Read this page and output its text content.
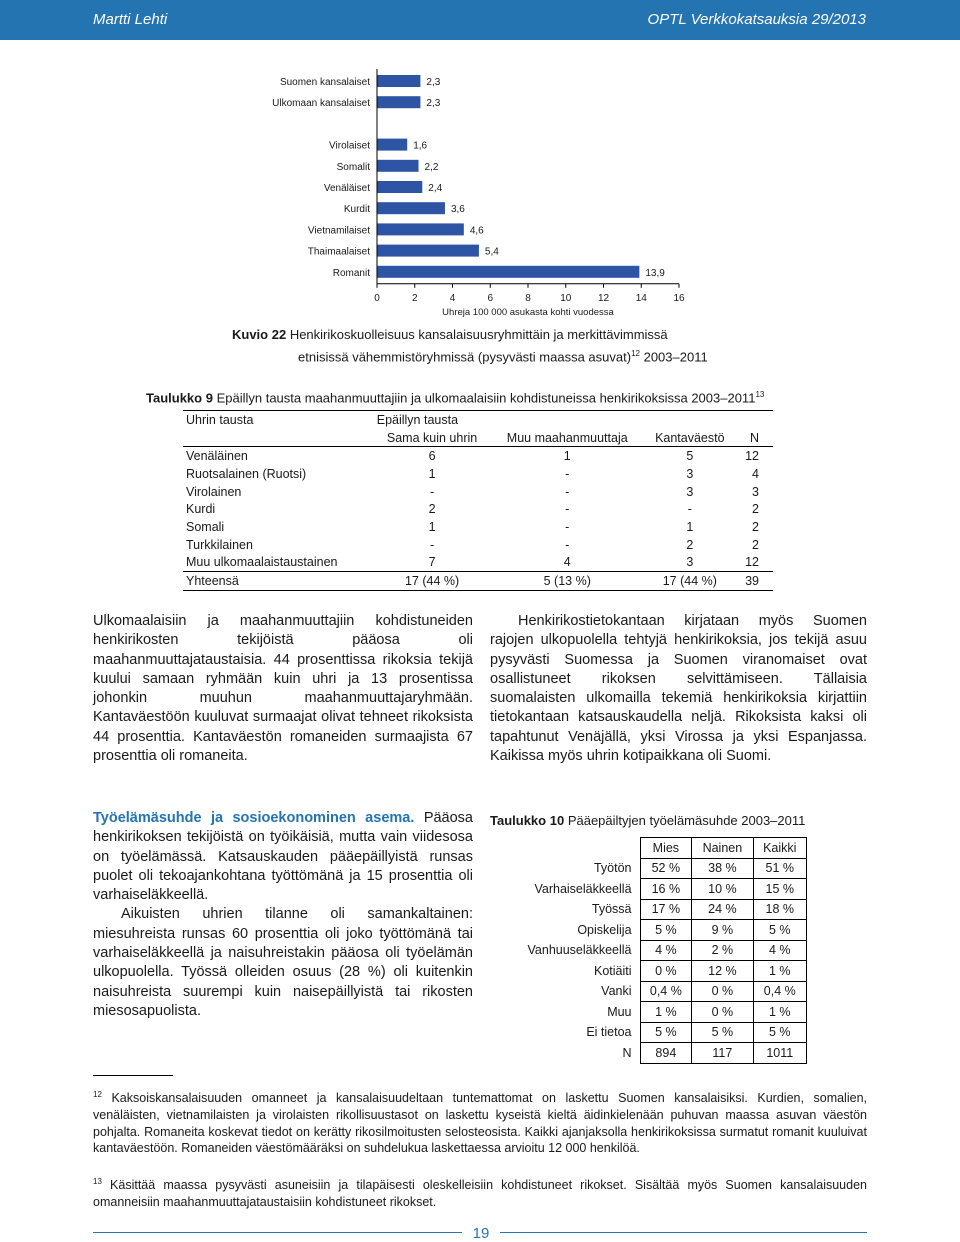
Martti Lehti	OPTL Verkkokatsauksia 29/2013
Suomen kansalaiset	2,3
Ulkomaan kansalaiset	2,3
Virolaiset	1,6
Somalit	2,2
Venäläiset	2,4
Kurdit	3,6
Vietnamilaiset	4,6
Thaimaalaiset	5,4
Romanit	13,9
0	2	4	6	8	10	12	14	16
Uhreja 100 000 asukasta kohti vuodessa
Kuvio 22 Henkirikoskuolleisuus kansalaisuusryhmittäin ja merkittävimmissä
etnisissä vähemmistöryhmissä (pysyvästi maassa asuvat)$^{12}$ 2003–2011
Taulukko 9 Epäillyn tausta maahanmuuttajiin ja ulkomaalaisiin kohdistuneissa henkirikoksissa 2003–2011$^{13}$
Uhrin tausta	Epäillyn tausta			
	Sama kuin uhrin	Muu maahanmuuttaja	Kantaväestö	N
Venäläinen	6	1	5	12
Ruotsalainen (Ruotsi)	1	-	3	4
Virolainen	-	-	3	3
Kurdi	2	-	-	2
Somali	1	-	1	2
Turkkilainen	-	-	2	2
Muu ulkomaalaistaustainen	7	4	3	12
Yhteensä	17 (44 %)	5 (13 %)	17 (44 %)	39

Ulkomaalaisiin ja maahanmuuttajiin kohdistuneiden henkirikosten tekijöistä pääosa oli maahanmuuttajataustaisia. 44 prosenttissa rikoksia tekijä kuului samaan ryhmään kuin uhri ja 13 prosentissa johonkin muuhun maahanmuuttajaryhmään. Kantaväestöön kuuluvat surmaajat olivat tehneet rikoksista 44 prosenttia. Kantaväestön romaneiden surmaajista 67 prosenttia oli romaneita.

Henkirikostietokantaan kirjataan myös Suomen rajojen ulkopuolella tehtyjä henkirikoksia, jos tekijä asuu pysyvästi Suomessa ja Suomen viranomaiset ovat osallistuneet rikoksen selvittämiseen. Tällaisia suomalaisten ulkomailla tekemiä henkirikoksia kirjattiin tietokantaan katsauskaudella neljä. Rikoksista kaksi oli tapahtunut Venäjällä, yksi Virossa ja yksi Espanjassa. Kaikissa myös uhrin kotipaikkana oli Suomi.

Työelämäsuhde ja sosioekonominen asema. Pääosa henkirikoksen tekijöistä on työikäisiä, mutta vain viidesosa on työelämässä. Katsauskauden pääepäillyistä runsas puolet oli tekoajankohtana työttömänä ja 15 prosenttia oli varhaiseläkkeellä.

Aikuisten uhrien tilanne oli samankaltainen: miesuhreista runsas 60 prosenttia oli joko työttömänä tai varhaiseläkkeellä ja naisuhreistakin pääosa oli työelämän ulkopuolella. Työssä olleiden osuus (28 %) oli kuitenkin naisuhreista suurempi kuin naisepäillyistä tai rikosten miesosapuolista.

Taulukko 10 Pääepäiltyjen työelämäsuhde 2003–2011
	Mies	Nainen	Kaikki
Työtön	52 %	38 %	51 %
Varhaiseläkkeellä	16 %	10 %	15 %
Työssä	17 %	24 %	18 %
Opiskelija	5 %	9 %	5 %
Vanhuuseläkkeellä	4 %	2 %	4 %
Kotiäiti	0 %	12 %	1 %
Vanki	0,4 %	0 %	0,4 %
Muu	1 %	0 %	1 %
Ei tietoa	5 %	5 %	5 %
N	894	117	1011
$^{12}$ Kaksoiskansalaisuuden omanneet ja kansalaisuudeltaan tuntemattomat on laskettu Suomen kansalaisiksi. Kurdien, somalien, venäläisten, vietnamilaisten ja virolaisten rikollisuustasot on laskettu kyseistä kieltä äidinkielenään puhuvan maassa asuvan väestön pohjalta. Romaneita koskevat tiedot on kerätty rikosilmoitusten selosteosista. Kaikki ajanjaksolla henkirikoksissa surmatut romanit kuuluivat kantaväestöön. Romaneiden väestömääräksi on suhdelukua laskettaessa arvioitu 12 000 henkilöä.
$^{13}$ Käsittää maassa pysyvästi asuneisiin ja tilapäisesti oleskelleisiin kohdistuneet rikokset. Sisältää myös Suomen kansalaisuuden omanneisiin maahanmuuttajataustaisiin kohdistuneet rikokset.
19
